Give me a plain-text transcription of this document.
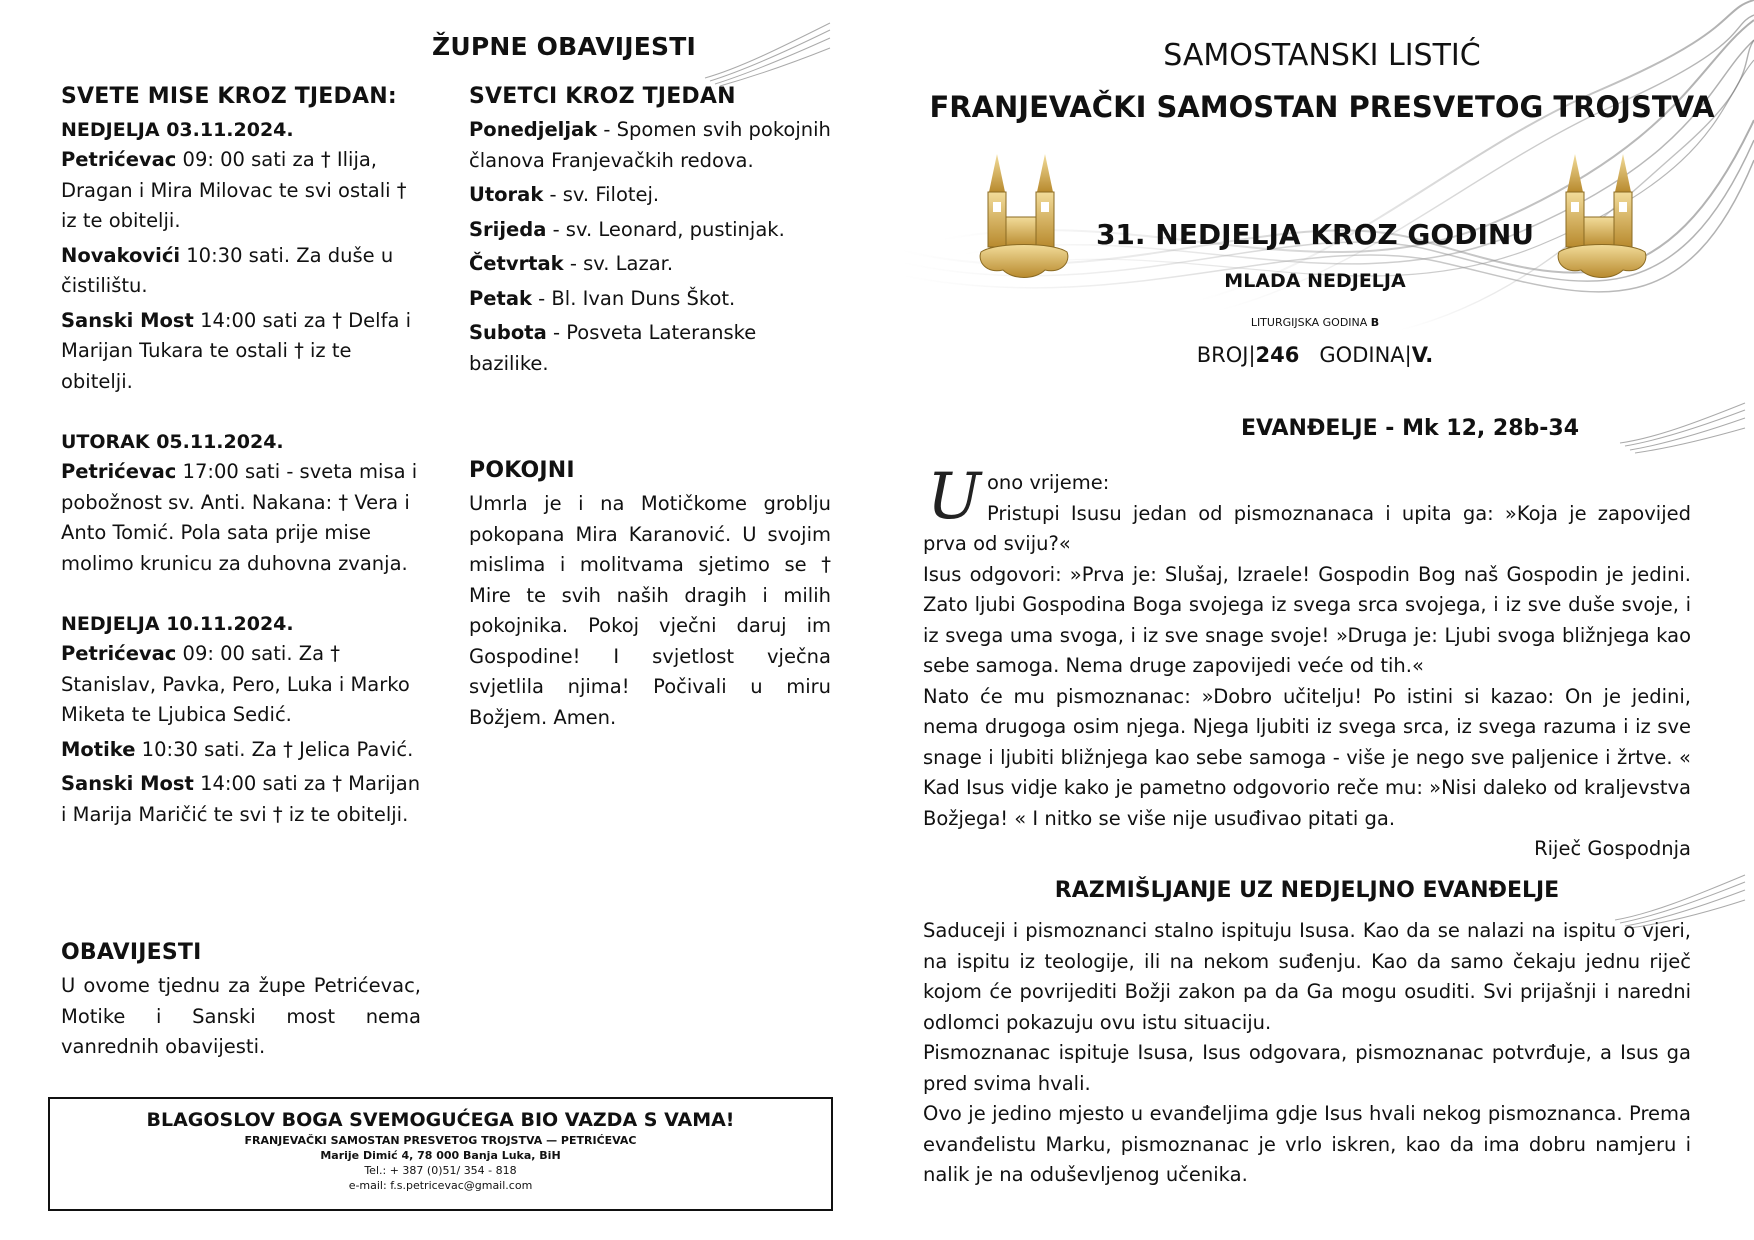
ŽUPNE OBAVIJESTI
SVETE MISE KROZ TJEDAN:
NEDJELJA 03.11.2024.

Petrićevac 09: 00 sati za † Ilija, Dragan i Mira Milovac te svi ostali † iz te obitelji.

Novakovići 10:30 sati. Za duše u čistilištu.

Sanski Most 14:00 sati za † Delfa i Marijan Tukara te ostali † iz te obitelji.

UTORAK 05.11.2024.

Petrićevac 17:00 sati - sveta misa i pobožnost sv. Anti. Nakana: † Vera i Anto Tomić. Pola sata prije mise molimo krunicu za duhovna zvanja.

NEDJELJA 10.11.2024.

Petrićevac 09: 00 sati. Za † Stanislav, Pavka, Pero, Luka i Marko Miketa te Ljubica Sedić.

Motike 10:30 sati. Za † Jelica Pavić.

Sanski Most 14:00 sati za † Marijan i Marija Maričić te svi † iz te obitelji.

OBAVIJESTI

U ovome tjednu za župe Petrićevac, Motike i Sanski most nema vanrednih obavijesti.

SVETCI KROZ TJEDAN

Ponedjeljak - Spomen svih pokojnih članova Franjevačkih redova.

Utorak - sv. Filotej.

Srijeda - sv. Leonard, pustinjak.

Četvrtak - sv. Lazar.

Petak - Bl. Ivan Duns Škot.

Subota - Posveta Lateranske bazilike.

POKOJNI

Umrla je i na Motičkome groblju pokopana Mira Karanović. U svojim mislima i molitvama sjetimo se † Mire te svih naših dragih i milih pokojnika. Pokoj vječni daruj im Gospodine! I svjetlost vječna svjetlila njima! Počivali u miru Božjem. Amen.

BLAGOSLOV BOGA SVEMOGUĆEGA BIO VAZDA S VAMA!
FRANJEVAČKI SAMOSTAN PRESVETOG TROJSTVA — PETRIĆEVAC
Marije Dimić 4, 78 000 Banja Luka, BiH
Tel.: + 387 (0)51/ 354 - 818
e-mail: f.s.petricevac@gmail.com
SAMOSTANSKI LISTIĆ
FRANJEVAČKI SAMOSTAN PRESVETOG TROJSTVA
31. NEDJELJA KROZ GODINU
MLADA NEDJELJA
LITURGIJSKA GODINA B
BROJ|246 GODINA|V.
EVANĐELJE - Mk 12, 28b-34
U ono vrijeme:

Pristupi Isusu jedan od pismoznanaca i upita ga: »Koja je zapovijed prva od sviju?«

Isus odgovori: »Prva je: Slušaj, Izraele! Gospodin Bog naš Gospodin je jedini. Zato ljubi Gospodina Boga svojega iz svega srca svojega, i iz sve duše svoje, i iz svega uma svoga, i iz sve snage svoje! »Druga je: Ljubi svoga bližnjega kao sebe samoga. Nema druge zapovijedi veće od tih.«

Nato će mu pismoznanac: »Dobro učitelju! Po istini si kazao: On je jedini, nema drugoga osim njega. Njega ljubiti iz svega srca, iz svega razuma i iz sve snage i ljubiti bližnjega kao sebe samoga - više je nego sve paljenice i žrtve. « Kad Isus vidje kako je pametno odgovorio reče mu: »Nisi daleko od kraljevstva Božjega! « I nitko se više nije usuđivao pitati ga.

Riječ Gospodnja

RAZMIŠLJANJE UZ NEDJELJNO EVANĐELJE

Saduceji i pismoznanci stalno ispituju Isusa. Kao da se nalazi na ispitu o vjeri, na ispitu iz teologije, ili na nekom suđenju. Kao da samo čekaju jednu riječ kojom će povrijediti Božji zakon pa da Ga mogu osuditi. Svi prijašnji i naredni odlomci pokazuju ovu istu situaciju.

Pismoznanac ispituje Isusa, Isus odgovara, pismoznanac potvrđuje, a Isus ga pred svima hvali.

Ovo je jedino mjesto u evanđeljima gdje Isus hvali nekog pismoznanca. Prema evanđelistu Marku, pismoznanac je vrlo iskren, kao da ima dobru namjeru i nalik je na oduševljenog učenika.
